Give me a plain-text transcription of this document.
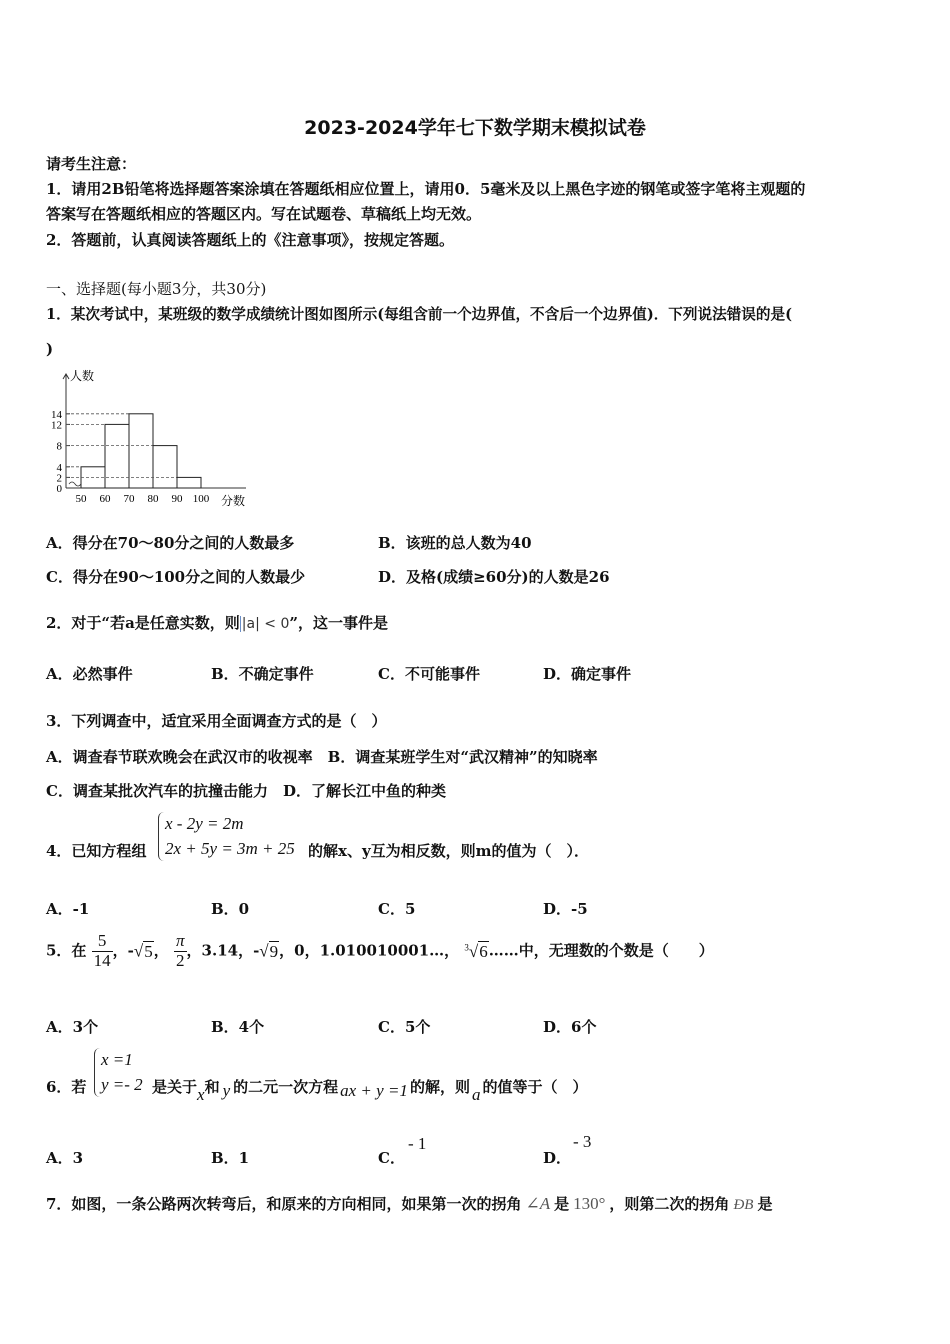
2023-2024学年七下数学期末模拟试卷
请考生注意：
1．请用2B铅笔将选择题答案涂填在答题纸相应位置上，请用0．5毫米及以上黑色字迹的钢笔或签字笔将主观题的
答案写在答题纸相应的答题区内。写在试题卷、草稿纸上均无效。
2．答题前，认真阅读答题纸上的《注意事项》，按规定答题。
一、选择题(每小题3分，共30分)
1．某次考试中，某班级的数学成绩统计图如图所示(每组含前一个边界值，不含后一个边界值)．下列说法错误的是(
)
人数
分数
0
2
4
8
12
14
50 60 70 80 90 100
A．得分在70～80分之间的人数最多	B．该班的总人数为40
C．得分在90～100分之间的人数最少	D．及格(成绩≥60分)的人数是26
2．对于“若a是任意实数，则 |a| < 0”，这一事件是
A．必然事件	B．不确定事件	C．不可能事件	D．确定事件
3．下列调查中，适宜采用全面调查方式的是（　）
A．调查春节联欢晚会在武汉市的收视率　B．调查某班学生对“武汉精神”的知晓率
C．调查某批次汽车的抗撞击能力　D．了解长江中鱼的种类
4．已知方程组
x - 2y = 2m
2x + 5y = 3m + 25 的解x、y互为相反数，则m的值为（　）．
A．-1	B．0	C．5	D．-5
5．在 $\frac{5}{14}$ ，-√5， $\frac{\pi}{2}$ ，3.14，-√9，0，1.010010001…， $^3$√6……中，无理数的个数是（　　）
A．3个	B．4个	C．5个	D．6个
6．若
x =1
y =- 2 是关于x和 y 的二元一次方程 ax + y =1 的解，则 a 的值等于（　）
A．3	B．1	C．
- 1
D．
- 3
7．如图，一条公路两次转弯后，和原来的方向相同，如果第一次的拐角 ∠A 是 130° ，则第二次的拐角 ÐB 是
